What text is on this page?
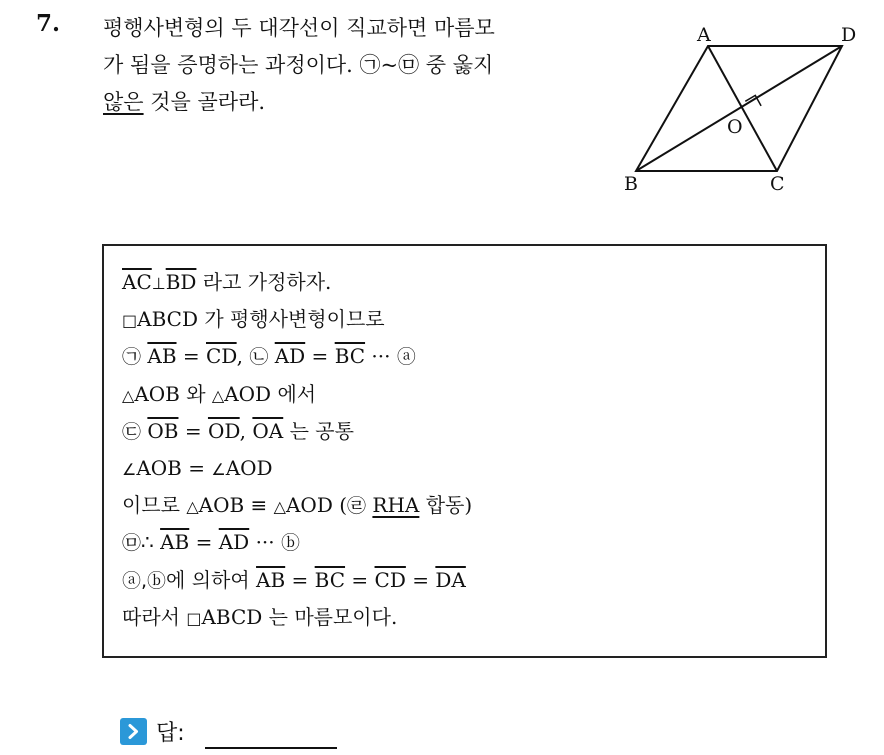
7. 평행사변형의 두 대각선이 직교하면 마름모
가 됨을 증명하는 과정이다. ㉠~㉤ 중 옳지
않은 것을 골라라.
A	D
O
B	C
$\overline{AC}\perp\overline{BD}$ 라고 가정하자.
□ABCD 가 평행사변형이므로
㉠ $\overline{AB} = \overline{CD}$, ㉡ $\overline{AD} = \overline{BC}$ ··· ⓐ
△AOB 와 △AOD 에서
㉢ $\overline{OB} = \overline{OD}$, $\overline{OA}$ 는 공통
∠AOB = ∠AOD
이므로 △AOB ≡ △AOD (㉣ RHA 합동)
㉤∴ $\overline{AB} = \overline{AD}$ ··· ⓑ
ⓐ,ⓑ에 의하여 $\overline{AB} = \overline{BC} = \overline{CD} = \overline{DA}$
따라서 □ABCD 는 마름모이다.
답:
